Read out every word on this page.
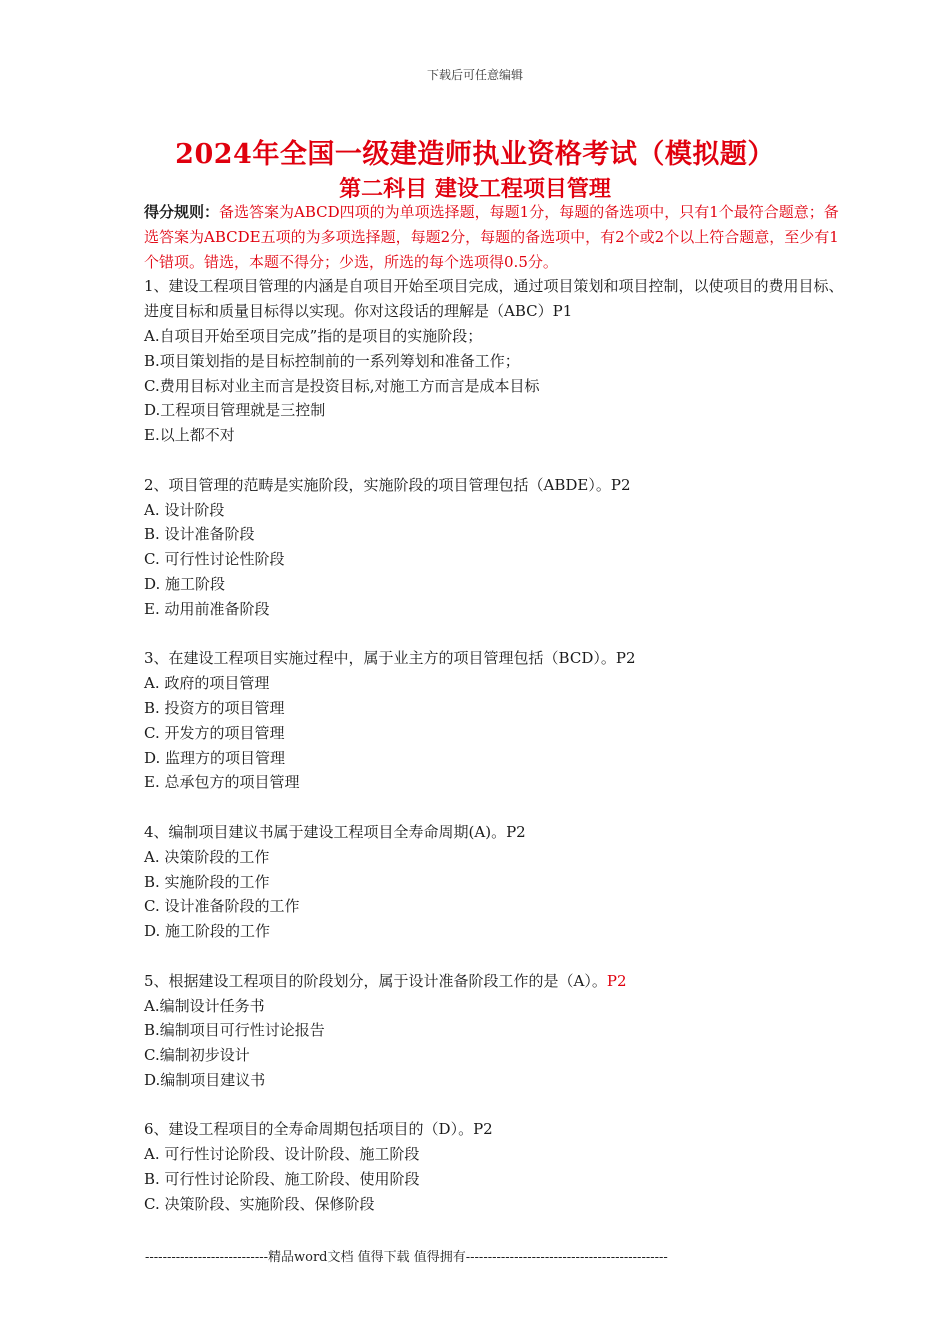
下载后可任意编辑
2024年全国一级建造师执业资格考试（模拟题）
第二科目 建设工程项目管理
得分规则：备选答案为ABCD四项的为单项选择题，每题1分，每题的备选项中，只有1个最符合题意；备选答案为ABCDE五项的为多项选择题，每题2分，每题的备选项中，有2个或2个以上符合题意，至少有1个错项。错选，本题不得分；少选，所选的每个选项得0.5分。
1、建设工程项目管理的内涵是自项目开始至项目完成，通过项目策划和项目控制，以使项目的费用目标、进度目标和质量目标得以实现。你对这段话的理解是（ABC）P1
A.自项目开始至项目完成”指的是项目的实施阶段；
B.项目策划指的是目标控制前的一系列筹划和准备工作；
C.费用目标对业主而言是投资目标,对施工方而言是成本目标
D.工程项目管理就是三控制
E.以上都不对
2、项目管理的范畴是实施阶段，实施阶段的项目管理包括（ABDE）。P2
A. 设计阶段
B. 设计准备阶段
C. 可行性讨论性阶段
D. 施工阶段
E. 动用前准备阶段
3、在建设工程项目实施过程中，属于业主方的项目管理包括（BCD）。P2
A. 政府的项目管理
B. 投资方的项目管理
C. 开发方的项目管理
D. 监理方的项目管理
E. 总承包方的项目管理
4、编制项目建议书属于建设工程项目全寿命周期(A)。P2
A. 决策阶段的工作
B. 实施阶段的工作
C. 设计准备阶段的工作
D. 施工阶段的工作
5、根据建设工程项目的阶段划分，属于设计准备阶段工作的是（A）。P2
A.编制设计任务书
B.编制项目可行性讨论报告
C.编制初步设计
D.编制项目建议书
6、建设工程项目的全寿命周期包括项目的（D）。P2
A. 可行性讨论阶段、设计阶段、施工阶段
B. 可行性讨论阶段、施工阶段、使用阶段
C. 决策阶段、实施阶段、保修阶段
----------------------------精品word文档 值得下载 值得拥有----------------------------------------------
